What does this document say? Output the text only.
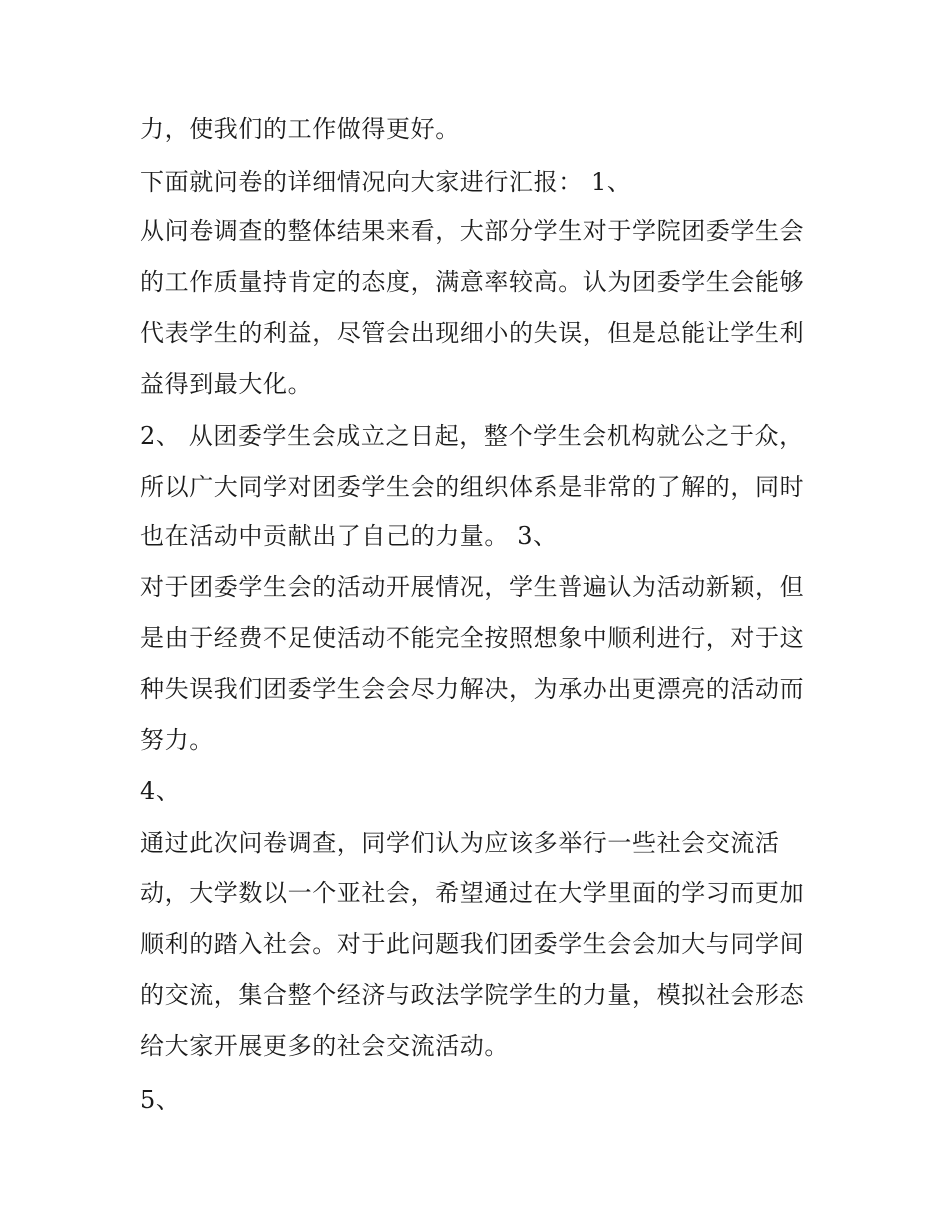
力，使我们的工作做得更好。
下面就问卷的详细情况向大家进行汇报： 1、
从问卷调查的整体结果来看，大部分学生对于学院团委学生会
的工作质量持肯定的态度，满意率较高。认为团委学生会能够
代表学生的利益，尽管会出现细小的失误，但是总能让学生利
益得到最大化。
2、 从团委学生会成立之日起，整个学生会机构就公之于众，
所以广大同学对团委学生会的组织体系是非常的了解的，同时
也在活动中贡献出了自己的力量。 3、
对于团委学生会的活动开展情况，学生普遍认为活动新颖，但
是由于经费不足使活动不能完全按照想象中顺利进行，对于这
种失误我们团委学生会会尽力解决，为承办出更漂亮的活动而
努力。
4、
通过此次问卷调查，同学们认为应该多举行一些社会交流活
动，大学数以一个亚社会，希望通过在大学里面的学习而更加
顺利的踏入社会。对于此问题我们团委学生会会加大与同学间
的交流，集合整个经济与政法学院学生的力量，模拟社会形态
给大家开展更多的社会交流活动。
5、
